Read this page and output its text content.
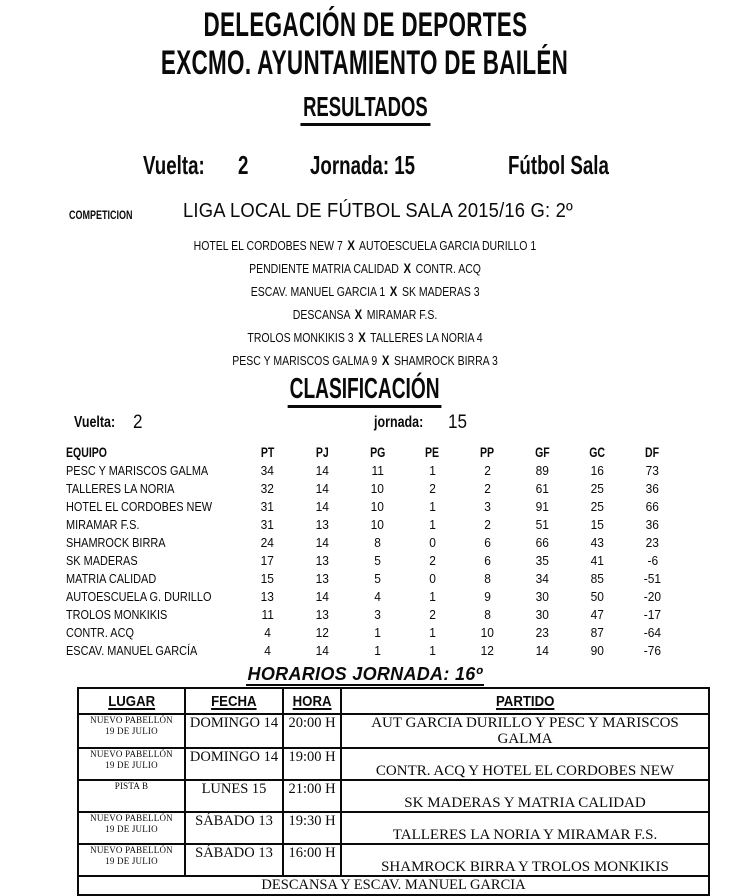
DELEGACIÓN DE DEPORTES
EXCMO. AYUNTAMIENTO DE BAILÉN
RESULTADOS
Vuelta:	2 Jornada: 15	Fútbol Sala
COMPETICION	LIGA LOCAL DE FÚTBOL SALA 2015/16 G: 2º
HOTEL EL CORDOBES NEW 7 X AUTOESCUELA GARCIA DURILLO 1
PENDIENTE MATRIA CALIDAD X CONTR. ACQ
ESCAV. MANUEL GARCIA 1 X SK MADERAS 3
DESCANSA X MIRAMAR F.S.
TROLOS MONKIKIS 3 X TALLERES LA NORIA 4
PESC Y MARISCOS GALMA 9 X SHAMROCK BIRRA 3
CLASIFICACIÓN
Vuelta: 2	jornada:	15
EQUIPO	PT	PJ	PG	PE	PP	GF	GC	DF
PESC Y MARISCOS GALMA	34	14	11	1	2	89	16	73
TALLERES LA NORIA	32	14	10	2	2	61	25	36
HOTEL EL CORDOBES NEW	31	14	10	1	3	91	25	66
MIRAMAR F.S.	31	13	10	1	2	51	15	36
SHAMROCK BIRRA	24	14	8	0	6	66	43	23
SK MADERAS	17	13	5	2	6	35	41	-6
MATRIA CALIDAD	15	13	5	0	8	34	85	-51
AUTOESCUELA G. DURILLO	13	14	4	1	9	30	50	-20
TROLOS MONKIKIS	11	13	3	2	8	30	47	-17
CONTR. ACQ	4	12	1	1	10	23	87	-64
ESCAV. MANUEL GARCÍA	4	14	1	1	12	14	90	-76
HORARIOS JORNADA: 16º
LUGAR	FECHA	HORA	PARTIDO
NUEVO PABELLÓN
19 DE JULIO	DOMINGO 14	20:00 H	AUT GARCIA DURILLO Y PESC Y MARISCOS GALMA
NUEVO PABELLÓN
19 DE JULIO	DOMINGO 14	19:00 H	CONTR. ACQ Y HOTEL EL CORDOBES NEW
PISTA B	LUNES 15	21:00 H	SK MADERAS Y MATRIA CALIDAD
NUEVO PABELLÓN
19 DE JULIO	SÁBADO 13	19:30 H	TALLERES LA NORIA Y MIRAMAR F.S.
NUEVO PABELLÓN
19 DE JULIO	SÁBADO 13	16:00 H	SHAMROCK BIRRA Y TROLOS MONKIKIS
DESCANSA Y ESCAV. MANUEL GARCIA			
